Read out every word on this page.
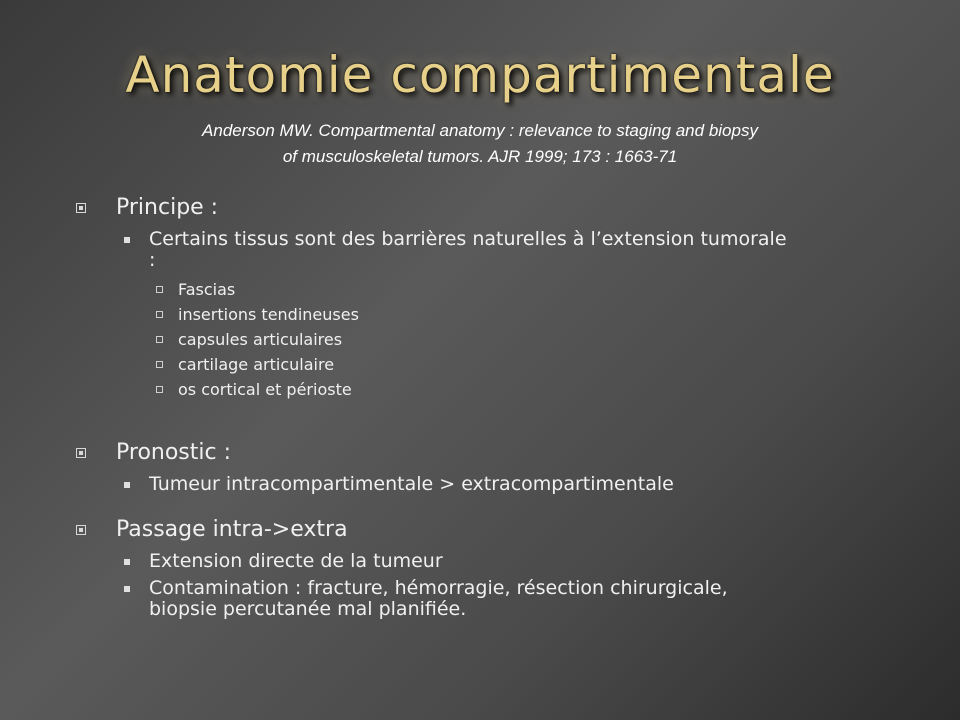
Anatomie compartimentale
Anderson MW. Compartmental anatomy : relevance to staging and biopsy
of musculoskeletal tumors. AJR 1999; 173 : 1663-71
Principe :
Certains tissus sont des barrières naturelles à l’extension tumorale
:
Fascias
insertions tendineuses
capsules articulaires
cartilage articulaire
os cortical et périoste
Pronostic :
Tumeur intracompartimentale > extracompartimentale
Passage intra->extra
Extension directe de la tumeur
Contamination : fracture, hémorragie, résection chirurgicale,
biopsie percutanée mal planifiée.
